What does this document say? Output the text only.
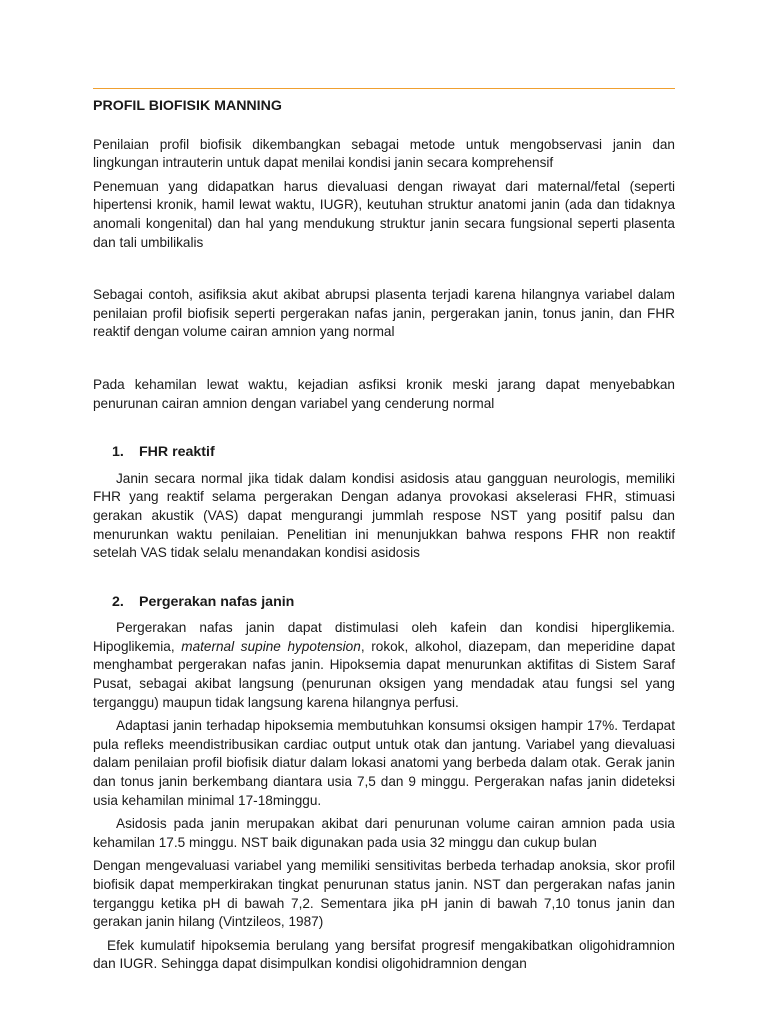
PROFIL BIOFISIK MANNING

Penilaian profil biofisik dikembangkan sebagai metode untuk mengobservasi janin dan lingkungan intrauterin untuk dapat menilai kondisi janin secara komprehensif

Penemuan yang didapatkan harus dievaluasi dengan riwayat dari maternal/fetal (seperti hipertensi kronik, hamil lewat waktu, IUGR), keutuhan struktur anatomi janin (ada dan tidaknya anomali kongenital) dan hal yang mendukung struktur janin secara fungsional seperti plasenta dan tali umbilikalis

Sebagai contoh, asifiksia akut akibat abrupsi plasenta terjadi karena hilangnya variabel dalam penilaian profil biofisik seperti pergerakan nafas janin, pergerakan janin, tonus janin, dan FHR reaktif dengan volume cairan amnion yang normal

Pada kehamilan lewat waktu, kejadian asfiksi kronik meski jarang dapat menyebabkan penurunan cairan amnion dengan variabel yang cenderung normal

1. FHR reaktif

Janin secara normal jika tidak dalam kondisi asidosis atau gangguan neurologis, memiliki FHR yang reaktif selama pergerakan Dengan adanya provokasi akselerasi FHR, stimuasi gerakan akustik (VAS) dapat mengurangi jummlah respose NST yang positif palsu dan menurunkan waktu penilaian. Penelitian ini menunjukkan bahwa respons FHR non reaktif setelah VAS tidak selalu menandakan kondisi asidosis

2. Pergerakan nafas janin

Pergerakan nafas janin dapat distimulasi oleh kafein dan kondisi hiperglikemia. Hipoglikemia, maternal supine hypotension, rokok, alkohol, diazepam, dan meperidine dapat menghambat pergerakan nafas janin. Hipoksemia dapat menurunkan aktifitas di Sistem Saraf Pusat, sebagai akibat langsung (penurunan oksigen yang mendadak atau fungsi sel yang terganggu) maupun tidak langsung karena hilangnya perfusi.

Adaptasi janin terhadap hipoksemia membutuhkan konsumsi oksigen hampir 17%. Terdapat pula refleks meendistribusikan cardiac output untuk otak dan jantung. Variabel yang dievaluasi dalam penilaian profil biofisik diatur dalam lokasi anatomi yang berbeda dalam otak. Gerak janin dan tonus janin berkembang diantara usia 7,5 dan 9 minggu. Pergerakan nafas janin dideteksi usia kehamilan minimal 17-18minggu.

Asidosis pada janin merupakan akibat dari penurunan volume cairan amnion pada usia kehamilan 17.5 minggu. NST baik digunakan pada usia 32 minggu dan cukup bulan

Dengan mengevaluasi variabel yang memiliki sensitivitas berbeda terhadap anoksia, skor profil biofisik dapat memperkirakan tingkat penurunan status janin. NST dan pergerakan nafas janin terganggu ketika pH di bawah 7,2. Sementara jika pH janin di bawah 7,10 tonus janin dan gerakan janin hilang (Vintzileos, 1987)

Efek kumulatif hipoksemia berulang yang bersifat progresif mengakibatkan oligohidramnion dan IUGR. Sehingga dapat disimpulkan kondisi oligohidramnion dengan
